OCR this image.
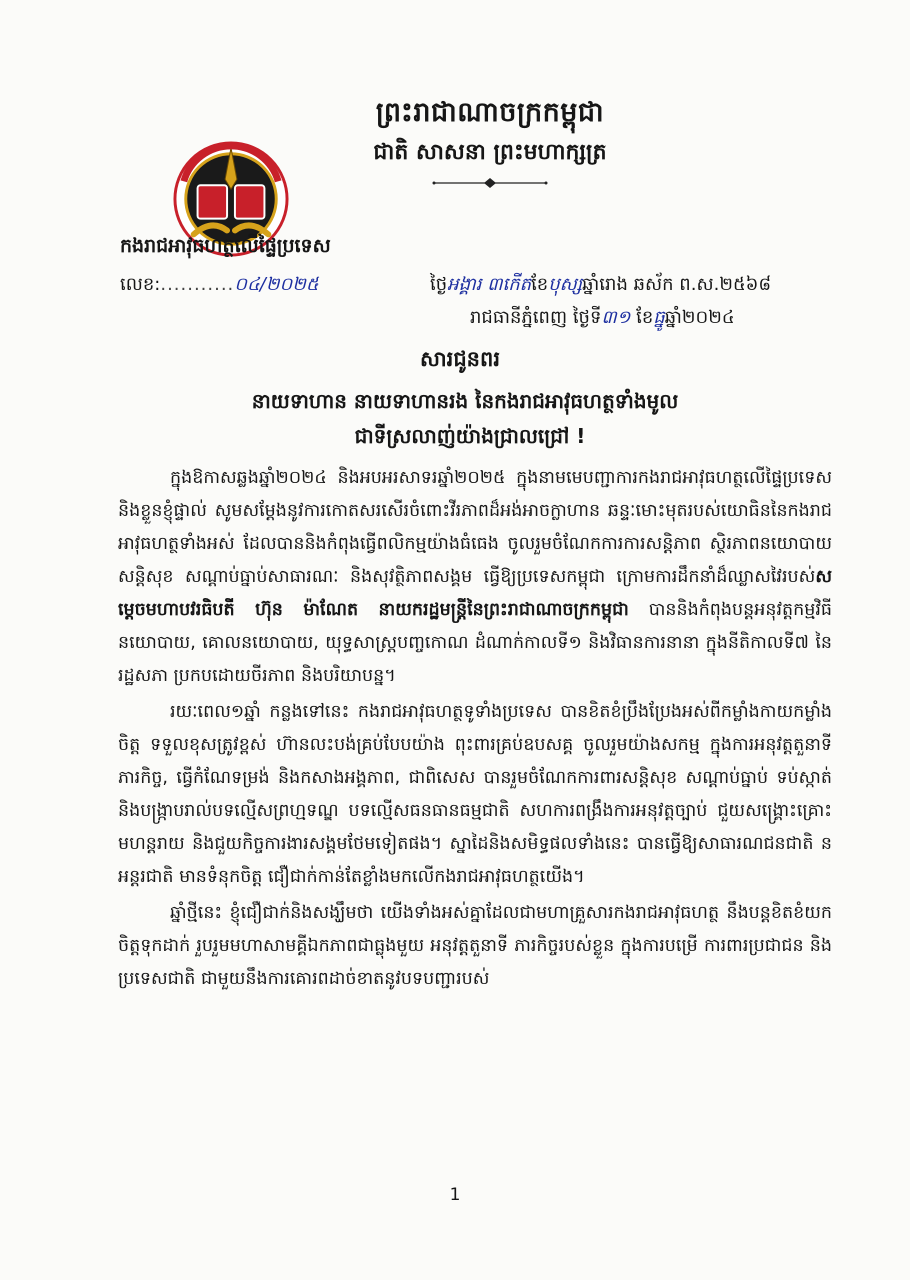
ព្រះរាជាណាចក្រកម្ពុជា
ជាតិ សាសនា ព្រះមហាក្សត្រ
កងរាជអាវុធហត្ថលើផ្ទៃប្រទេស
លេខ:...........០៤/២០២៥	ថ្ងៃអង្គារ ៣កើតខែបុស្សឆ្នាំរោង ឆស័ក ព.ស.២៥៦៨
រាជធានីភ្នំពេញ ថ្ងៃទី៣១ ខែធ្នូឆ្នាំ២០២៤
សារជូនពរ
នាយទាហាន នាយទាហានរង នៃកងរាជអាវុធហត្ថទាំងមូល
ជាទីស្រលាញ់យ៉ាងជ្រាលជ្រៅ !

ក្នុងឱកាសឆ្លងឆ្នាំ២០២៤ និងអបអរសាទរឆ្នាំ២០២៥ ក្នុងនាមមេបញ្ជាការកងរាជអាវុធហត្ថលើផ្ទៃប្រទេស និងខ្លួនខ្ញុំផ្ទាល់ សូមសម្តែងនូវការកោតសរសើរចំពោះវីរភាពដ៏អង់អាចក្លាហាន ឆន្ទៈមោះមុតរបស់យោធិននៃកងរាជអាវុធហត្ថទាំងអស់ ដែលបាននិងកំពុងធ្វើពលិកម្មយ៉ាងធំធេង ចូលរួមចំណែកការការសន្តិភាព ស្ថិរភាពនយោបាយ សន្តិសុខ សណ្តាប់ធ្នាប់សាធារណៈ និងសុវត្ថិភាពសង្គម ធ្វើឱ្យប្រទេសកម្ពុជា ក្រោមការដឹកនាំដ៏ឈ្លាសវៃរបស់សម្តេចមហាបវរធិបតី ហ៊ុន ម៉ាណែត នាយករដ្ឋមន្ត្រីនៃព្រះរាជាណាចក្រកម្ពុជា បាននិងកំពុងបន្តអនុវត្តកម្មវិធីនយោបាយ, គោលនយោបាយ, យុទ្ធសាស្ត្របញ្ចកោណ ដំណាក់កាលទី១ និងវិធានការនានា ក្នុងនីតិកាលទី៧ នៃរដ្ឋសភា ប្រកបដោយចីរភាព និងបរិយាបន្ន។

រយៈពេល១ឆ្នាំ កន្លងទៅនេះ កងរាជអាវុធហត្ថទូទាំងប្រទេស បានខិតខំប្រឹងប្រែងអស់ពីកម្លាំងកាយកម្លាំងចិត្ត ទទួលខុសត្រូវខ្ពស់ ហ៊ានលះបង់គ្រប់បែបយ៉ាង ពុះពារគ្រប់ឧបសគ្គ ចូលរួមយ៉ាងសកម្ម ក្នុងការអនុវត្តតួនាទី ភារកិច្ច, ធ្វើកំណែទម្រង់ និងកសាងអង្គភាព, ជាពិសេស បានរួមចំណែកការពារសន្តិសុខ សណ្តាប់ធ្នាប់ ទប់ស្កាត់និងបង្ក្រាបរាល់បទល្មើសព្រហ្មទណ្ឌ បទល្មើសធនធានធម្មជាតិ សហការពង្រឹងការអនុវត្តច្បាប់ ជួយសង្គ្រោះគ្រោះមហន្តរាយ និងជួយកិច្ចការងារសង្គមថែមទៀតផង។ ស្នាដៃនិងសមិទ្ធផលទាំងនេះ បានធ្វើឱ្យសាធារណជនជាតិ នអន្តរជាតិ មានទំនុកចិត្ត ជឿជាក់កាន់តែខ្លាំងមកលើកងរាជអាវុធហត្ថយើង។

ឆ្នាំថ្មីនេះ ខ្ញុំជឿជាក់និងសង្ឃឹមថា យើងទាំងអស់គ្នាដែលជាមហាគ្រួសារកងរាជអាវុធហត្ថ នឹងបន្តខិតខំយកចិត្តទុកដាក់ រួបរួមមហាសាមគ្គីឯកភាពជាធ្លុងមួយ អនុវត្តតួនាទី ភារកិច្ចរបស់ខ្លួន ក្នុងការបម្រើ ការពារប្រជាជន និងប្រទេសជាតិ ជាមួយនឹងការគោរពដាច់ខាតនូវបទបញ្ជារបស់

1
